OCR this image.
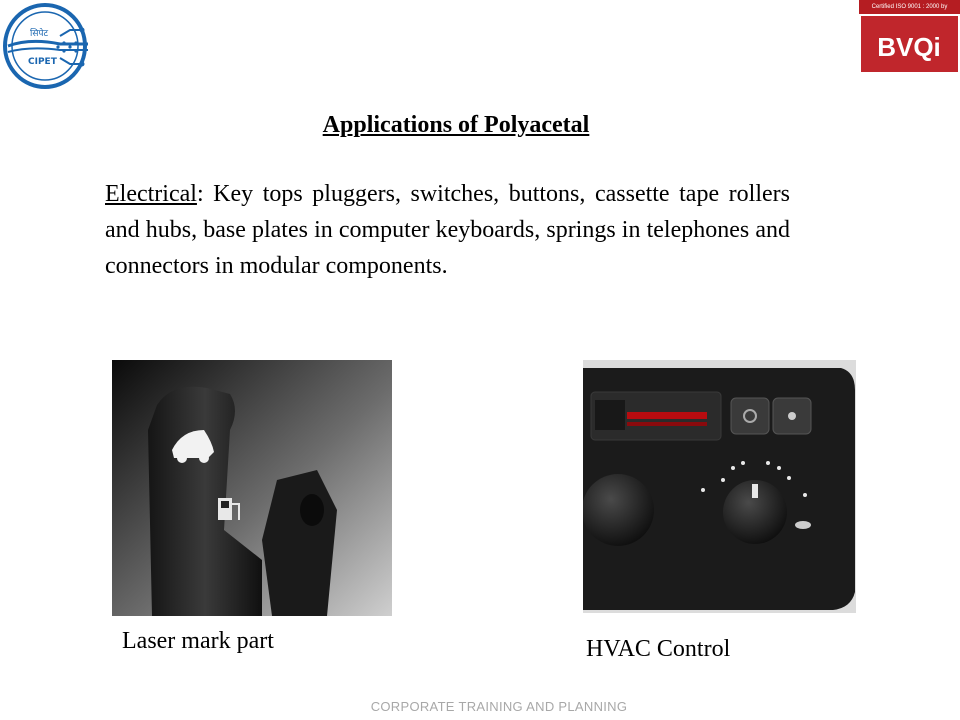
सिपेट
CIPET
Certified ISO 9001 : 2000 by
BVQi
Applications of Polyacetal
Electrical: Key tops pluggers, switches, buttons, cassette tape rollers and hubs, base plates in computer keyboards, springs in telephones and connectors in modular components.
Laser mark part	HVAC Control
CORPORATE TRAINING AND PLANNING
